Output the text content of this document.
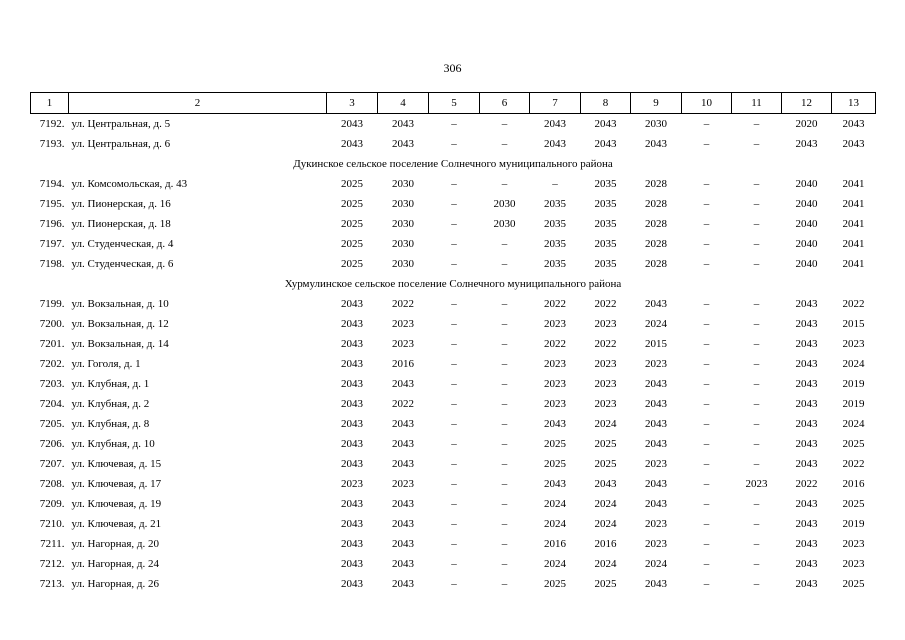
306
1	2	3	4	5	6	7	8	9	10	11	12	13
7192.	ул. Центральная, д. 5	2043	2043	–	–	2043	2043	2030	–	–	2020	2043
7193.	ул. Центральная, д. 6	2043	2043	–	–	2043	2043	2043	–	–	2043	2043
Дукинское сельское поселение Солнечного муниципального района												
7194.	ул. Комсомольская, д. 43	2025	2030	–	–	–	2035	2028	–	–	2040	2041
7195.	ул. Пионерская, д. 16	2025	2030	–	2030	2035	2035	2028	–	–	2040	2041
7196.	ул. Пионерская, д. 18	2025	2030	–	2030	2035	2035	2028	–	–	2040	2041
7197.	ул. Студенческая, д. 4	2025	2030	–	–	2035	2035	2028	–	–	2040	2041
7198.	ул. Студенческая, д. 6	2025	2030	–	–	2035	2035	2028	–	–	2040	2041
Хурмулинское сельское поселение Солнечного муниципального района												
7199.	ул. Вокзальная, д. 10	2043	2022	–	–	2022	2022	2043	–	–	2043	2022
7200.	ул. Вокзальная, д. 12	2043	2023	–	–	2023	2023	2024	–	–	2043	2015
7201.	ул. Вокзальная, д. 14	2043	2023	–	–	2022	2022	2015	–	–	2043	2023
7202.	ул. Гоголя, д. 1	2043	2016	–	–	2023	2023	2023	–	–	2043	2024
7203.	ул. Клубная, д. 1	2043	2043	–	–	2023	2023	2043	–	–	2043	2019
7204.	ул. Клубная, д. 2	2043	2022	–	–	2023	2023	2043	–	–	2043	2019
7205.	ул. Клубная, д. 8	2043	2043	–	–	2043	2024	2043	–	–	2043	2024
7206.	ул. Клубная, д. 10	2043	2043	–	–	2025	2025	2043	–	–	2043	2025
7207.	ул. Ключевая, д. 15	2043	2043	–	–	2025	2025	2023	–	–	2043	2022
7208.	ул. Ключевая, д. 17	2023	2023	–	–	2043	2043	2043	–	2023	2022	2016
7209.	ул. Ключевая, д. 19	2043	2043	–	–	2024	2024	2043	–	–	2043	2025
7210.	ул. Ключевая, д. 21	2043	2043	–	–	2024	2024	2023	–	–	2043	2019
7211.	ул. Нагорная, д. 20	2043	2043	–	–	2016	2016	2023	–	–	2043	2023
7212.	ул. Нагорная, д. 24	2043	2043	–	–	2024	2024	2024	–	–	2043	2023
7213.	ул. Нагорная, д. 26	2043	2043	–	–	2025	2025	2043	–	–	2043	2025
